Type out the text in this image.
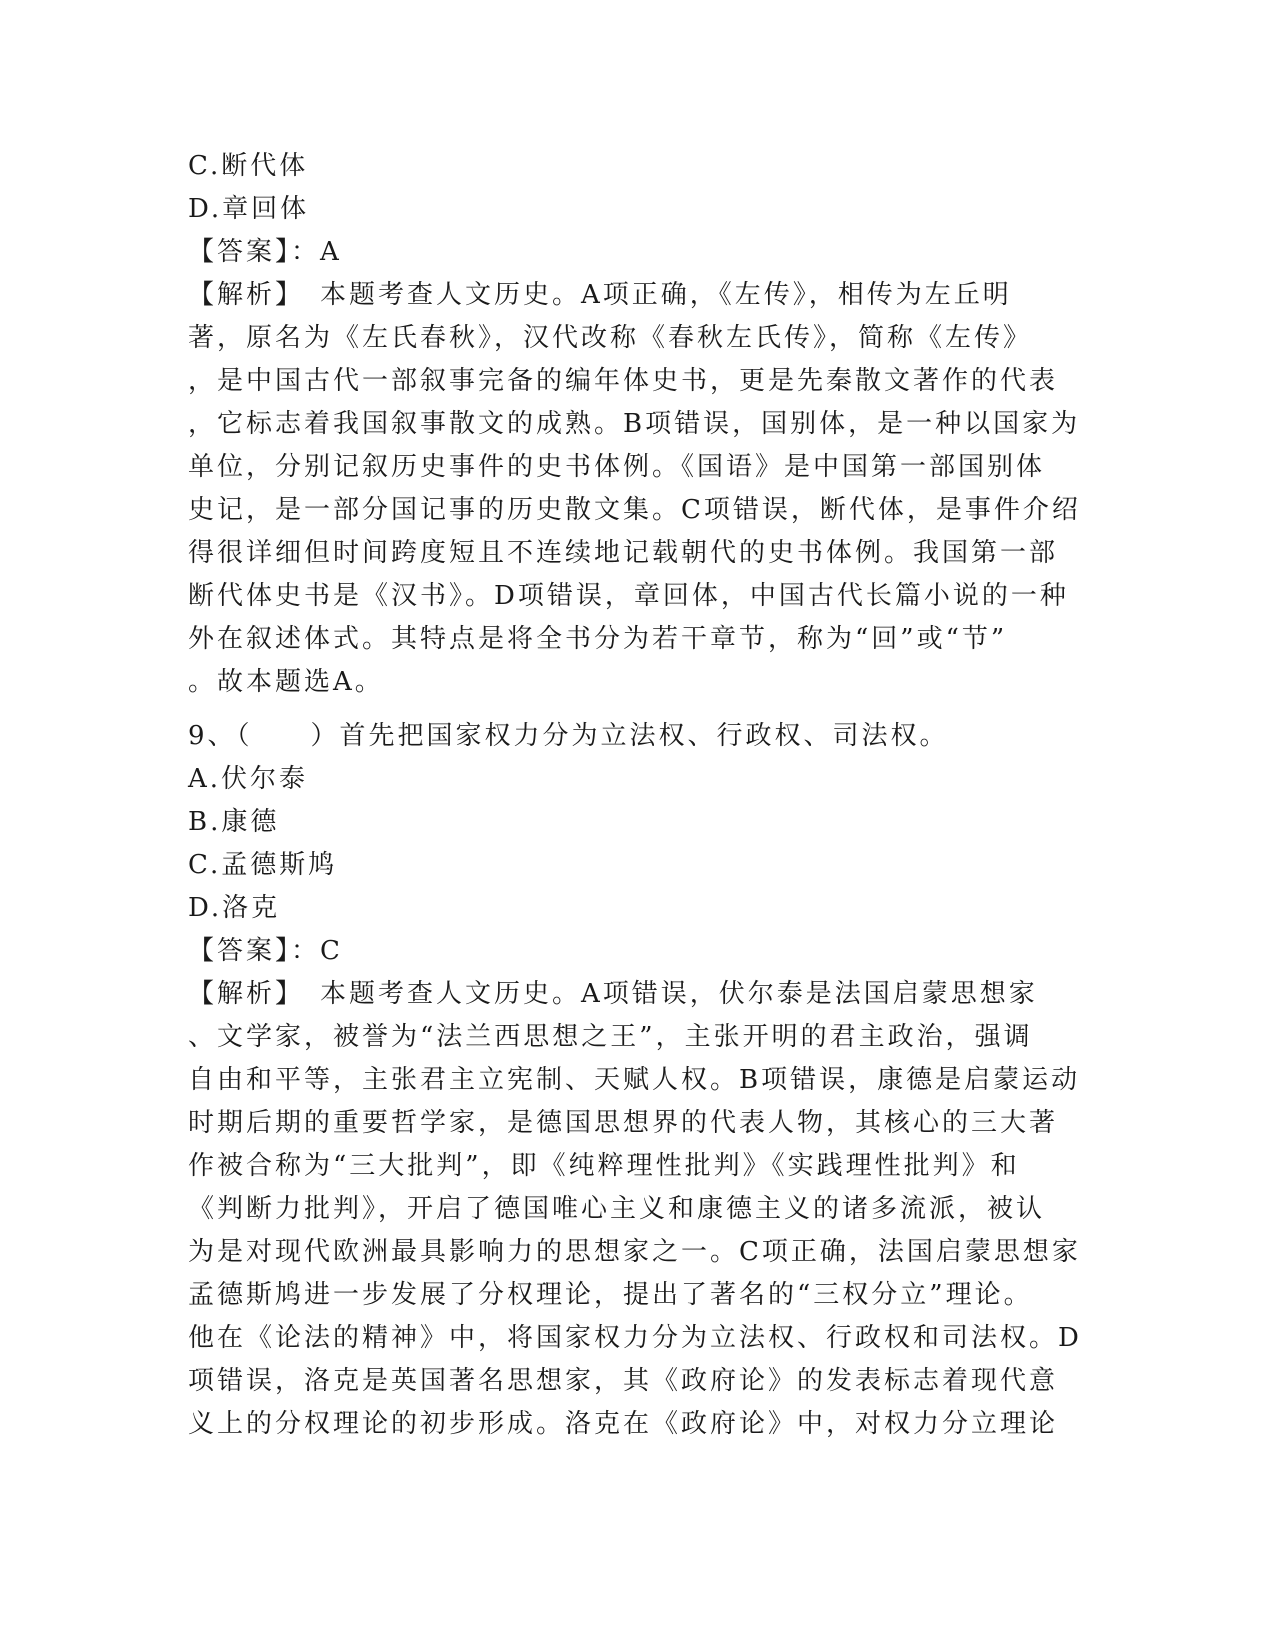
C.断代体
D.章回体
【答案】：A
【解析】　本题考查人文历史。A项正确，《左传》，相传为左丘明
著，原名为《左氏春秋》，汉代改称《春秋左氏传》，简称《左传》
，是中国古代一部叙事完备的编年体史书，更是先秦散文著作的代表
，它标志着我国叙事散文的成熟。B项错误，国别体，是一种以国家为
单位，分别记叙历史事件的史书体例。《国语》是中国第一部国别体
史记，是一部分国记事的历史散文集。C项错误，断代体，是事件介绍
得很详细但时间跨度短且不连续地记载朝代的史书体例。我国第一部
断代体史书是《汉书》。D项错误，章回体，中国古代长篇小说的一种
外在叙述体式。其特点是将全书分为若干章节，称为“回”或“节”
。故本题选A。
9、（　　）首先把国家权力分为立法权、行政权、司法权。
A.伏尔泰
B.康德
C.孟德斯鸠
D.洛克
【答案】：C
【解析】　本题考查人文历史。A项错误，伏尔泰是法国启蒙思想家
、文学家，被誉为“法兰西思想之王”，主张开明的君主政治，强调
自由和平等，主张君主立宪制、天赋人权。B项错误，康德是启蒙运动
时期后期的重要哲学家，是德国思想界的代表人物，其核心的三大著
作被合称为“三大批判”，即《纯粹理性批判》《实践理性批判》和
《判断力批判》，开启了德国唯心主义和康德主义的诸多流派，被认
为是对现代欧洲最具影响力的思想家之一。C项正确，法国启蒙思想家
孟德斯鸠进一步发展了分权理论，提出了著名的“三权分立”理论。
他在《论法的精神》中，将国家权力分为立法权、行政权和司法权。D
项错误，洛克是英国著名思想家，其《政府论》的发表标志着现代意
义上的分权理论的初步形成。洛克在《政府论》中，对权力分立理论
